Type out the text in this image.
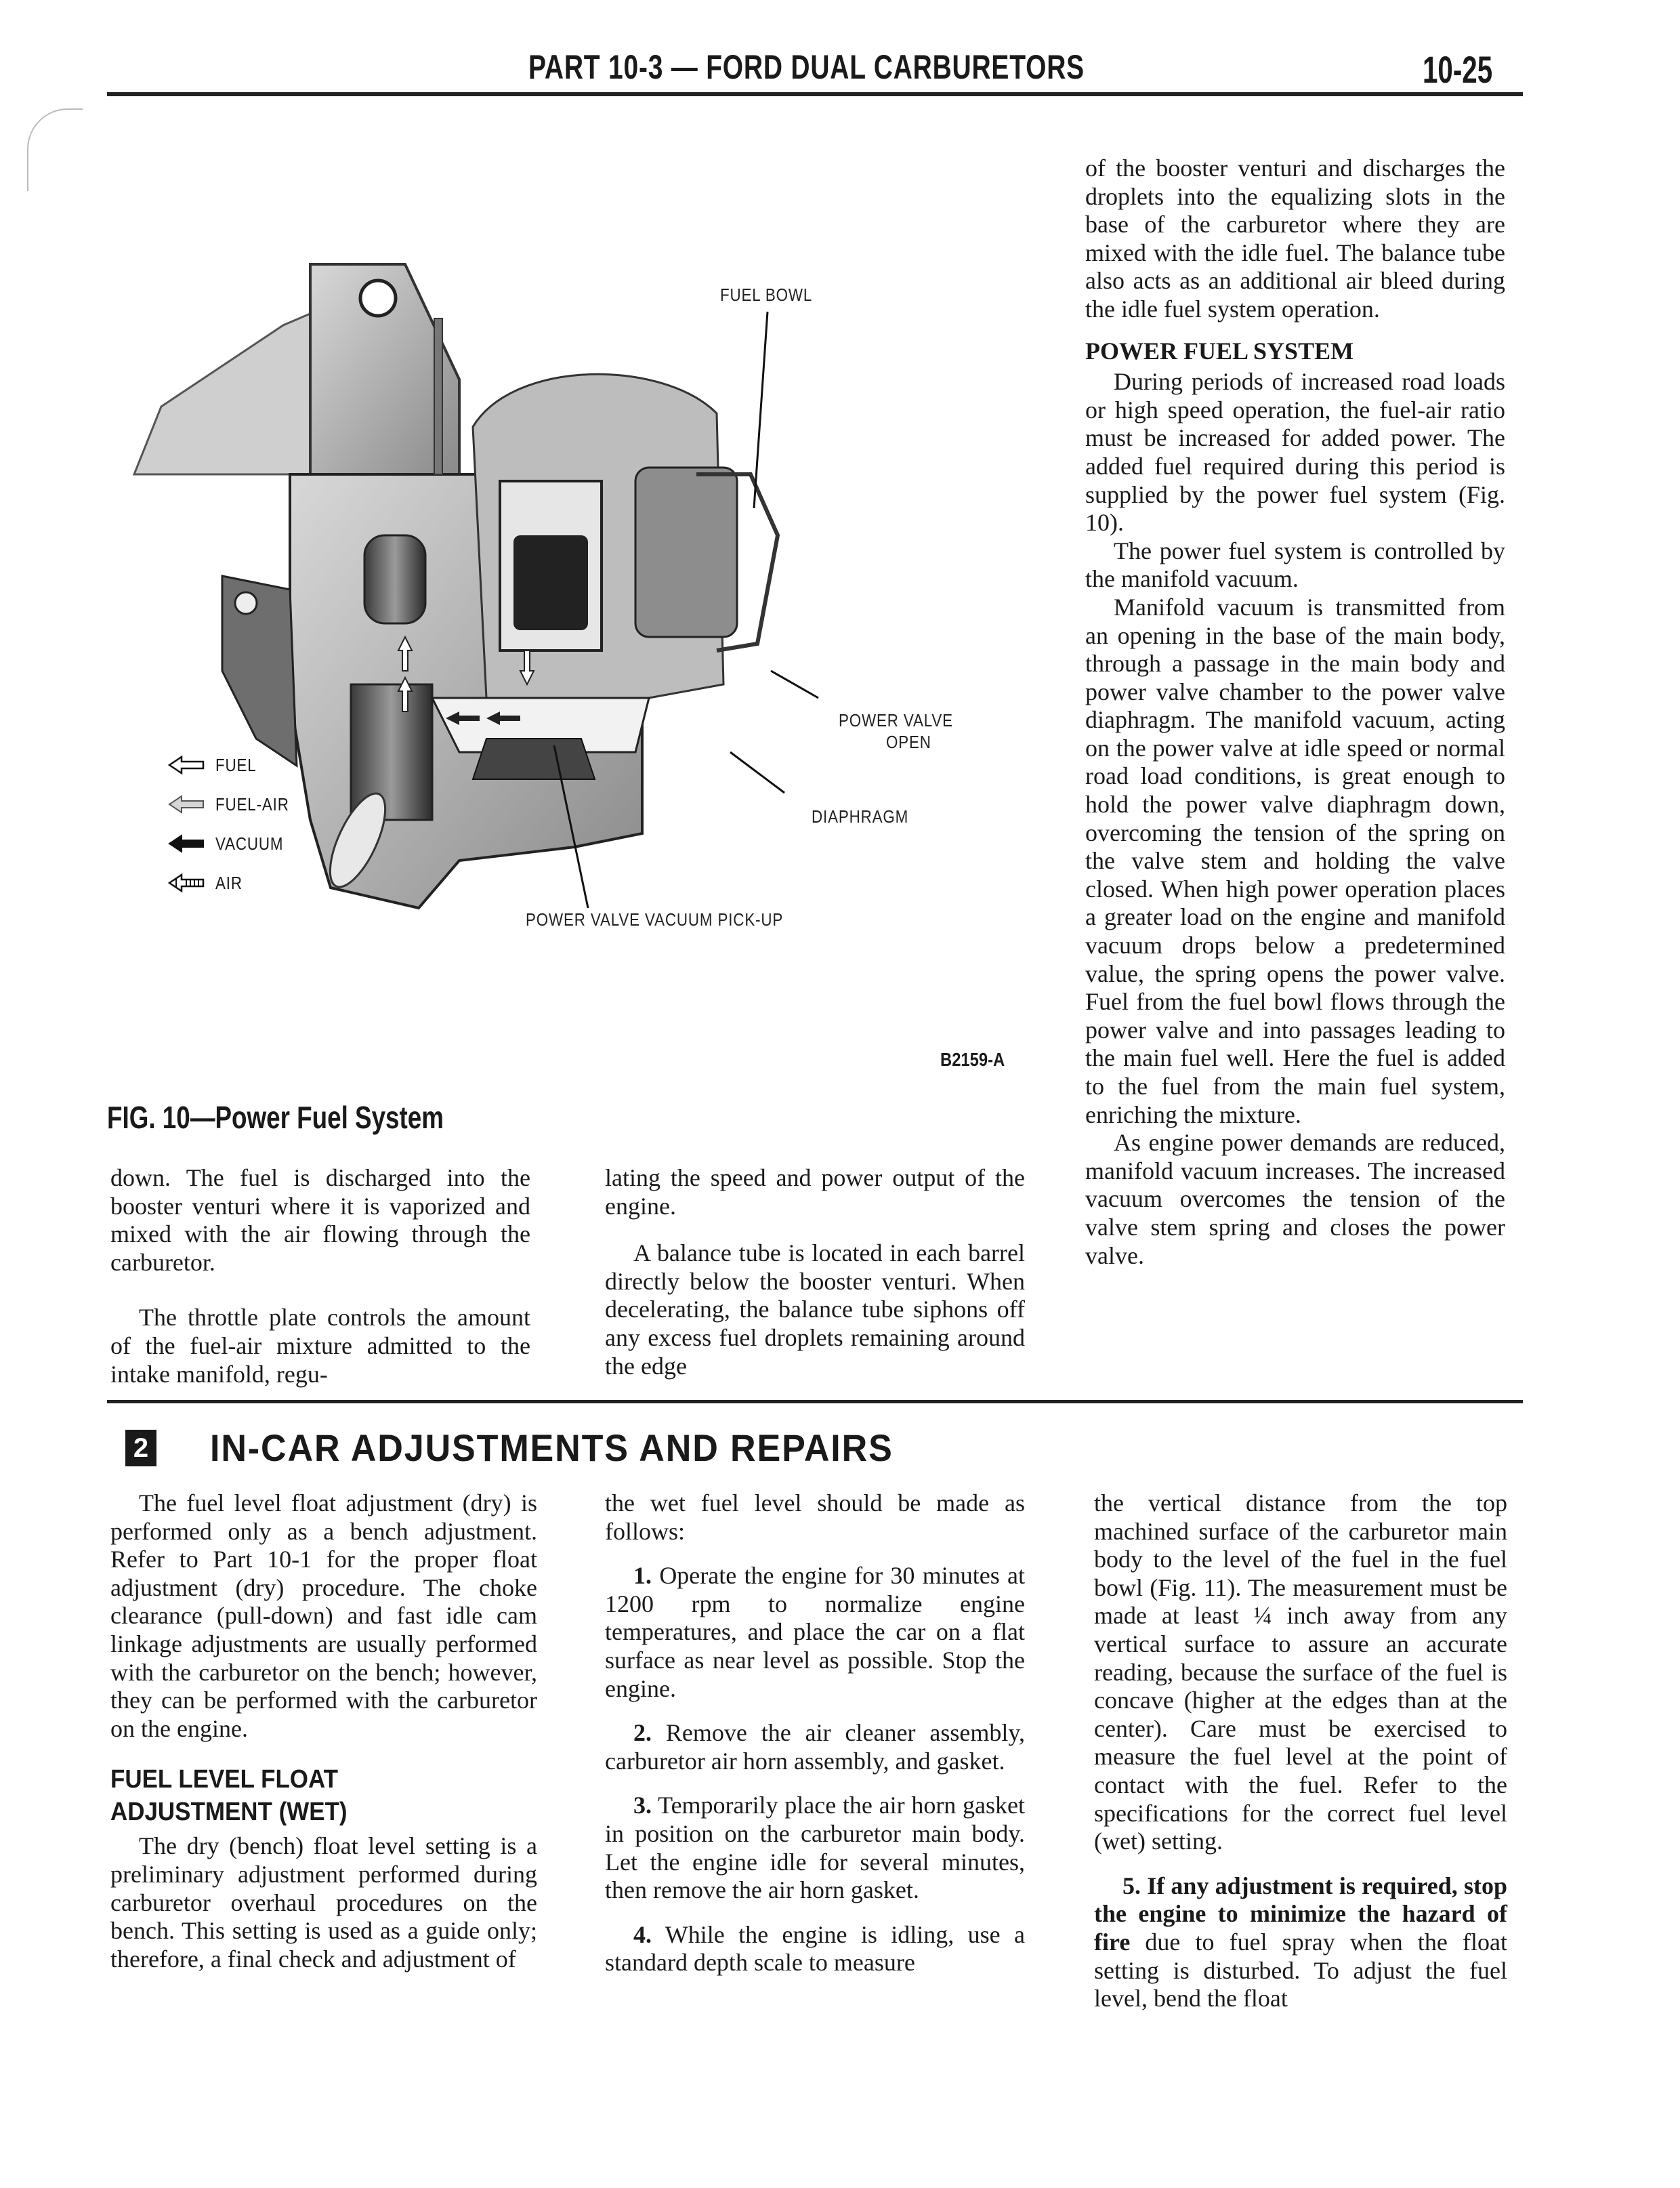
PART 10-3 — FORD DUAL CARBURETORS	10-25
FUEL BOWL
POWER VALVE
OPEN
DIAPHRAGM
POWER VALVE VACUUM PICK-UP
FUEL
FUEL-AIR
VACUUM
AIR
B2159-A
FIG. 10—Power Fuel System

down. The fuel is discharged into the booster venturi where it is vaporized and mixed with the air flowing through the carburetor.

The throttle plate controls the amount of the fuel-air mixture admitted to the intake manifold, regu-

lating the speed and power output of the engine.

A balance tube is located in each barrel directly below the booster venturi. When decelerating, the balance tube siphons off any excess fuel droplets remaining around the edge

of the booster venturi and discharges the droplets into the equalizing slots in the base of the carburetor where they are mixed with the idle fuel. The balance tube also acts as an additional air bleed during the idle fuel system operation.

POWER FUEL SYSTEM

During periods of increased road loads or high speed operation, the fuel-air ratio must be increased for added power. The added fuel required during this period is supplied by the power fuel system (Fig. 10).

The power fuel system is controlled by the manifold vacuum.

Manifold vacuum is transmitted from an opening in the base of the main body, through a passage in the main body and power valve chamber to the power valve diaphragm. The manifold vacuum, acting on the power valve at idle speed or normal road load conditions, is great enough to hold the power valve diaphragm down, overcoming the tension of the spring on the valve stem and holding the valve closed. When high power operation places a greater load on the engine and manifold vacuum drops below a predetermined value, the spring opens the power valve. Fuel from the fuel bowl flows through the power valve and into passages leading to the main fuel well. Here the fuel is added to the fuel from the main fuel system, enriching the mixture.

As engine power demands are reduced, manifold vacuum increases. The increased vacuum overcomes the tension of the valve stem spring and closes the power valve.

2 IN-CAR ADJUSTMENTS AND REPAIRS

The fuel level float adjustment (dry) is performed only as a bench adjustment. Refer to Part 10-1 for the proper float adjustment (dry) procedure. The choke clearance (pull-down) and fast idle cam linkage adjustments are usually performed with the carburetor on the bench; however, they can be performed with the carburetor on the engine.

FUEL LEVEL FLOAT ADJUSTMENT (WET)

The dry (bench) float level setting is a preliminary adjustment performed during carburetor overhaul procedures on the bench. This setting is used as a guide only; therefore, a final check and adjustment of

the wet fuel level should be made as follows:

1. Operate the engine for 30 minutes at 1200 rpm to normalize engine temperatures, and place the car on a flat surface as near level as possible. Stop the engine.

2. Remove the air cleaner assembly, carburetor air horn assembly, and gasket.

3. Temporarily place the air horn gasket in position on the carburetor main body. Let the engine idle for several minutes, then remove the air horn gasket.

4. While the engine is idling, use a standard depth scale to measure

the vertical distance from the top machined surface of the carburetor main body to the level of the fuel in the fuel bowl (Fig. 11). The measurement must be made at least ¼ inch away from any vertical surface to assure an accurate reading, because the surface of the fuel is concave (higher at the edges than at the center). Care must be exercised to measure the fuel level at the point of contact with the fuel. Refer to the specifications for the correct fuel level (wet) setting.

5. If any adjustment is required, stop the engine to minimize the hazard of fire due to fuel spray when the float setting is disturbed. To adjust the fuel level, bend the float
